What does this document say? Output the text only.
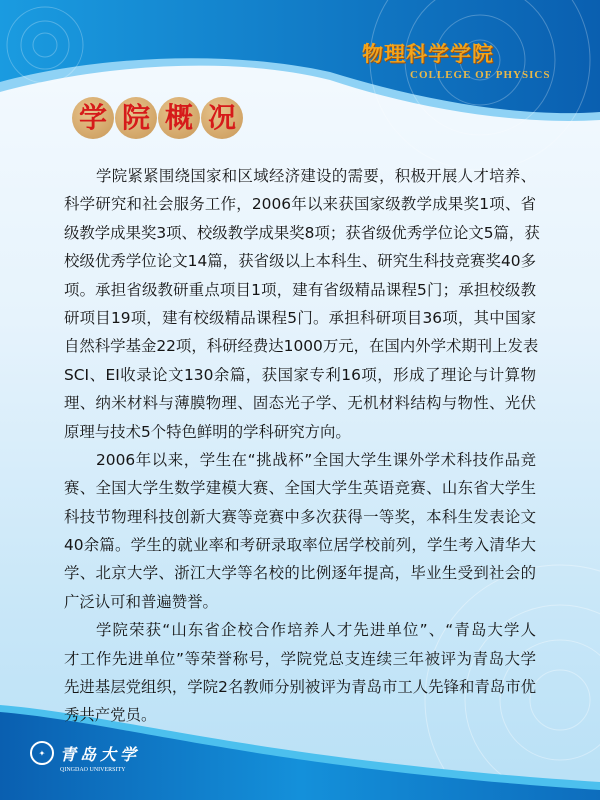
物理科学学院
COLLEGE OF PHYSICS
学 院 概 况
学院紧紧围绕国家和区域经济建设的需要，积极开展人才培养、
科学研究和社会服务工作，2006年以来获国家级教学成果奖1项、省
级教学成果奖3项、校级教学成果奖8项；获省级优秀学位论文5篇，获
校级优秀学位论文14篇，获省级以上本科生、研究生科技竞赛奖40多
项。承担省级教研重点项目1项，建有省级精品课程5门；承担校级教
研项目19项，建有校级精品课程5门。承担科研项目36项，其中国家
自然科学基金22项，科研经费达1000万元，在国内外学术期刊上发表
SCI、EI收录论文130余篇，获国家专利16项，形成了理论与计算物
理、纳米材料与薄膜物理、固态光子学、无机材料结构与物性、光伏
原理与技术5个特色鲜明的学科研究方向。
2006年以来，学生在“挑战杯”全国大学生课外学术科技作品竞
赛、全国大学生数学建模大赛、全国大学生英语竞赛、山东省大学生
科技节物理科技创新大赛等竞赛中多次获得一等奖，本科生发表论文
40余篇。学生的就业率和考研录取率位居学校前列，学生考入清华大
学、北京大学、浙江大学等名校的比例逐年提高，毕业生受到社会的
广泛认可和普遍赞誉。
学院荣获“山东省企校合作培养人才先进单位”、“青岛大学人
才工作先进单位”等荣誉称号，学院党总支连续三年被评为青岛大学
先进基层党组织，学院2名教师分别被评为青岛市工人先锋和青岛市优
秀共产党员。
✦ 青岛大学
QINGDAO UNIVERSITY
